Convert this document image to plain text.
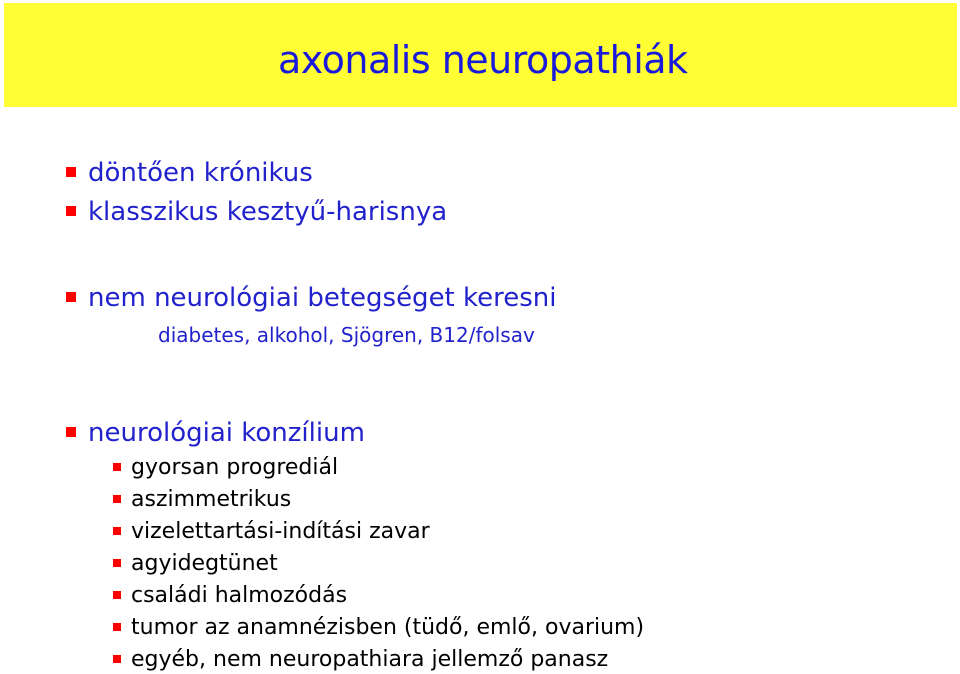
axonalis neuropathiák
döntően krónikus
klasszikus kesztyű-harisnya
nem neurológiai betegséget keresni
diabetes, alkohol, Sjögren, B12/folsav
neurológiai konzílium
gyorsan progrediál
aszimmetrikus
vizelettartási-indítási zavar
agyidegtünet
családi halmozódás
tumor az anamnézisben (tüdő, emlő, ovarium)
egyéb, nem neuropathiara jellemző panasz
